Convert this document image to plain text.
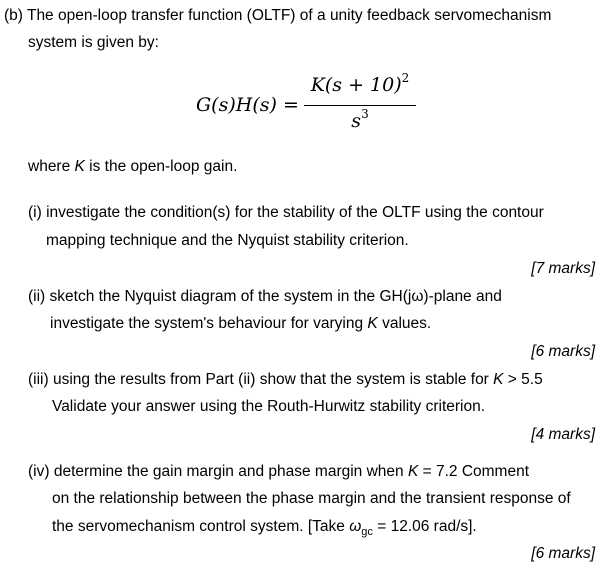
(b) The open-loop transfer function (OLTF) of a unity feedback servomechanism
system is given by:
G(s)H(s) =
$K(s + 10)^2$
$s^3$
where K is the open-loop gain.
(i) investigate the condition(s) for the stability of the OLTF using the contour
mapping technique and the Nyquist stability criterion.
[7 marks]
(ii) sketch the Nyquist diagram of the system in the GH(jω)-plane and
investigate the system's behaviour for varying K values.
[6 marks]
(iii) using the results from Part (ii) show that the system is stable for K > 5.5
Validate your answer using the Routh-Hurwitz stability criterion.
[4 marks]
(iv) determine the gain margin and phase margin when K = 7.2 Comment
on the relationship between the phase margin and the transient response of
the servomechanism control system. [Take $\omega_{gc} = 12.06$ rad/s].
[6 marks]
